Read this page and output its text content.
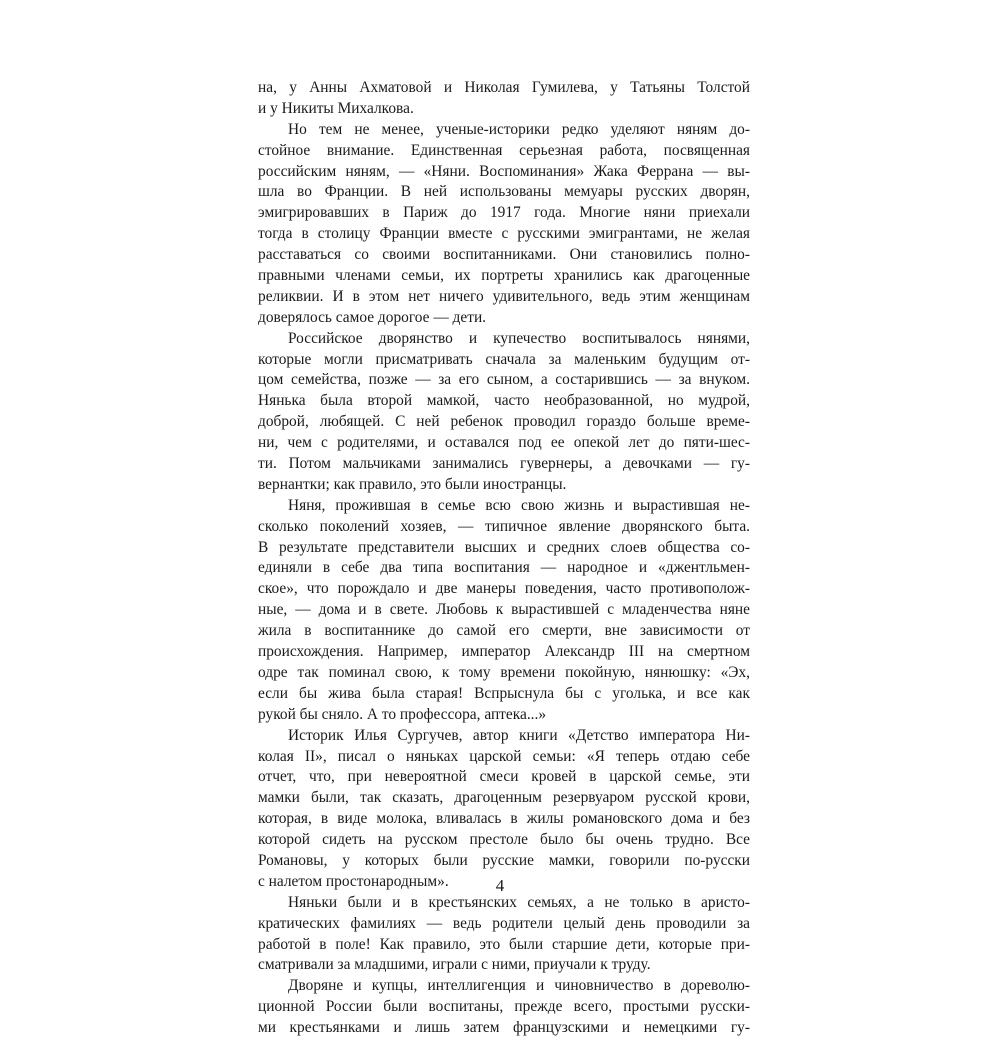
на, у Анны Ахматовой и Николая Гумилева, у Татьяны Толстой
и у Никиты Михалкова.
Но тем не менее, ученые-историки редко уделяют няням до-
стойное внимание. Единственная серьезная работа, посвященная
российским няням, — «Няни. Воспоминания» Жака Феррана — вы-
шла во Франции. В ней использованы мемуары русских дворян,
эмигрировавших в Париж до 1917 года. Многие няни приехали
тогда в столицу Франции вместе с русскими эмигрантами, не желая
расставаться со своими воспитанниками. Они становились полно-
правными членами семьи, их портреты хранились как драгоценные
реликвии. И в этом нет ничего удивительного, ведь этим женщинам
доверялось самое дорогое — дети.
Российское дворянство и купечество воспитывалось нянями,
которые могли присматривать сначала за маленьким будущим от-
цом семейства, позже — за его сыном, а состарившись — за внуком.
Нянька была второй мамкой, часто необразованной, но мудрой,
доброй, любящей. С ней ребенок проводил гораздо больше време-
ни, чем с родителями, и оставался под ее опекой лет до пяти-шес-
ти. Потом мальчиками занимались гувернеры, а девочками — гу-
вернантки; как правило, это были иностранцы.
Няня, прожившая в семье всю свою жизнь и вырастившая не-
сколько поколений хозяев, — типичное явление дворянского быта.
В результате представители высших и средних слоев общества со-
единяли в себе два типа воспитания — народное и «джентльмен-
ское», что порождало и две манеры поведения, часто противополож-
ные, — дома и в свете. Любовь к вырастившей с младенчества няне
жила в воспитаннике до самой его смерти, вне зависимости от
происхождения. Например, император Александр III на смертном
одре так поминал свою, к тому времени покойную, нянюшку: «Эх,
если бы жива была старая! Вспрыснула бы с уголька, и все как
рукой бы сняло. А то профессора, аптека...»
Историк Илья Сургучев, автор книги «Детство императора Ни-
колая II», писал о няньках царской семьи: «Я теперь отдаю себе
отчет, что, при невероятной смеси кровей в царской семье, эти
мамки были, так сказать, драгоценным резервуаром русской крови,
которая, в виде молока, вливалась в жилы романовского дома и без
которой сидеть на русском престоле было бы очень трудно. Все
Романовы, у которых были русские мамки, говорили по-русски
с налетом простонародным».
Няньки были и в крестьянских семьях, а не только в аристо-
кратических фамилиях — ведь родители целый день проводили за
работой в поле! Как правило, это были старшие дети, которые при-
сматривали за младшими, играли с ними, приучали к труду.
Дворяне и купцы, интеллигенция и чиновничество в дореволю-
ционной России были воспитаны, прежде всего, простыми русски-
ми крестьянками и лишь затем французскими и немецкими гу-
4
